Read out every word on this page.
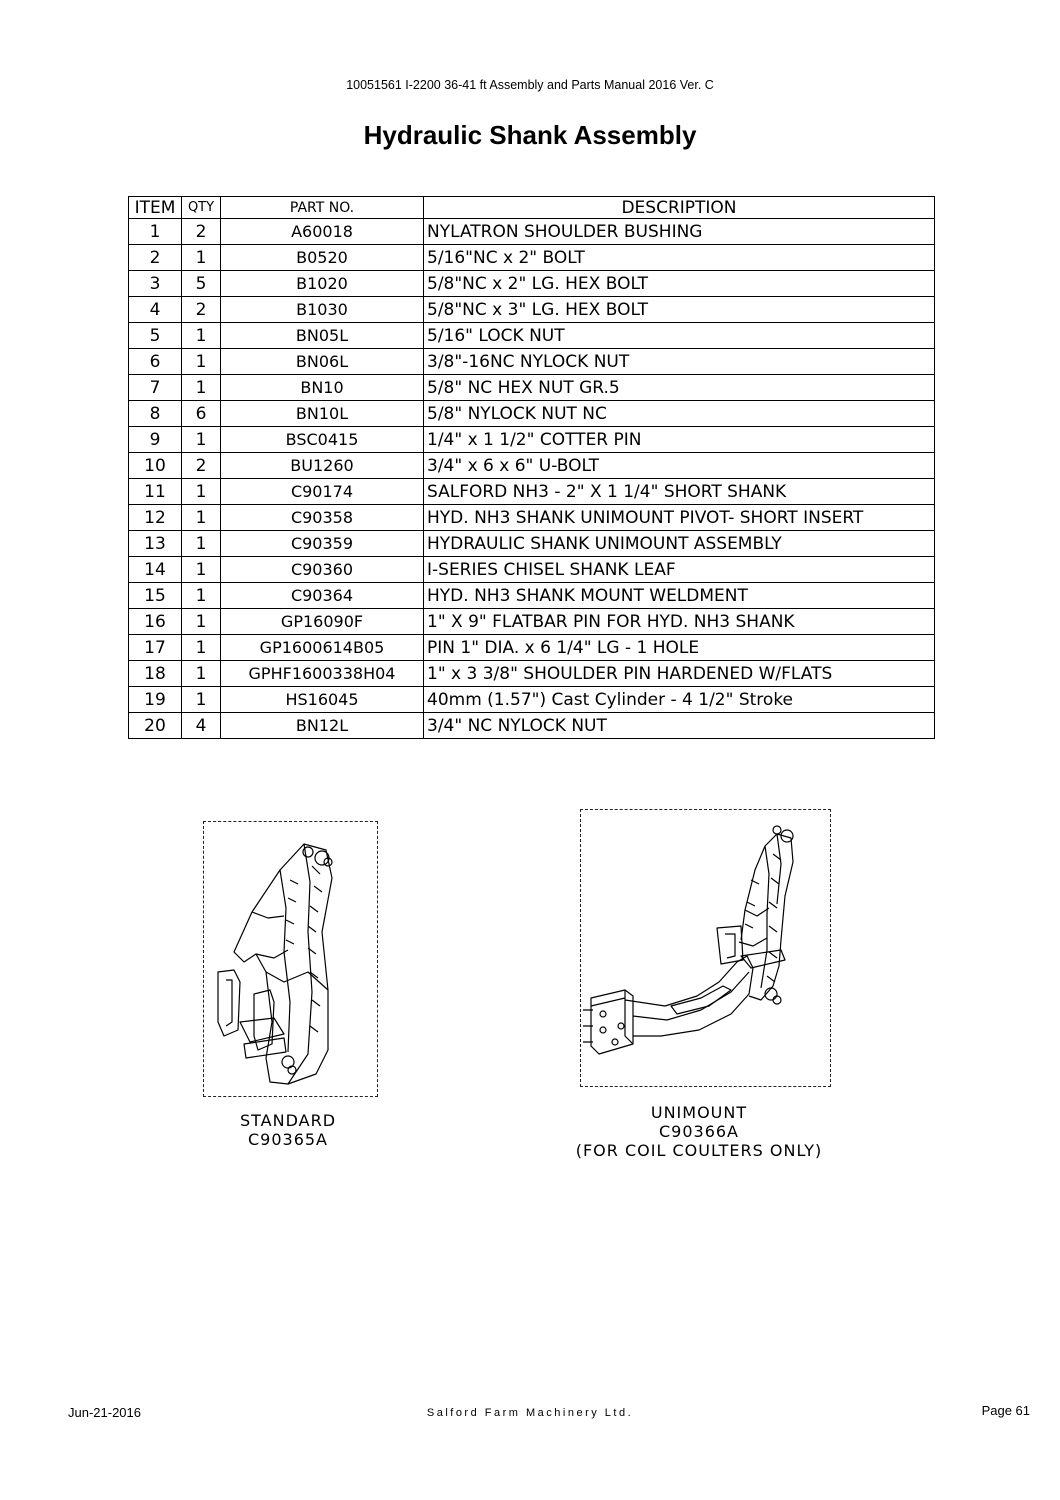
10051561 I-2200 36-41 ft Assembly and Parts Manual 2016 Ver. C
Hydraulic Shank Assembly
ITEM	QTY	PART NO.	DESCRIPTION
1	2	A60018	NYLATRON SHOULDER BUSHING
2	1	B0520	5/16"NC x 2" BOLT
3	5	B1020	5/8"NC x 2" LG. HEX BOLT
4	2	B1030	5/8"NC x 3" LG. HEX BOLT
5	1	BN05L	5/16" LOCK NUT
6	1	BN06L	3/8"-16NC NYLOCK NUT
7	1	BN10	5/8" NC HEX NUT GR.5
8	6	BN10L	5/8" NYLOCK NUT NC
9	1	BSC0415	1/4" x 1 1/2" COTTER PIN
10	2	BU1260	3/4" x 6 x 6" U-BOLT
11	1	C90174	SALFORD NH3 - 2" X 1 1/4" SHORT SHANK
12	1	C90358	HYD. NH3 SHANK UNIMOUNT PIVOT- SHORT INSERT
13	1	C90359	HYDRAULIC SHANK UNIMOUNT ASSEMBLY
14	1	C90360	I-SERIES CHISEL SHANK LEAF
15	1	C90364	HYD. NH3 SHANK MOUNT WELDMENT
16	1	GP16090F	1" X 9" FLATBAR PIN FOR HYD. NH3 SHANK
17	1	GP1600614B05	PIN 1" DIA. x 6 1/4" LG - 1 HOLE
18	1	GPHF1600338H04	1" x 3 3/8" SHOULDER PIN HARDENED W/FLATS
19	1	HS16045	40mm (1.57") Cast Cylinder - 4 1/2" Stroke
20	4	BN12L	3/4" NC NYLOCK NUT
STANDARD
C90365A
UNIMOUNT
C90366A
(FOR COIL COULTERS ONLY)
Jun-21-2016	Salford Farm Machinery Ltd.	Page 61
